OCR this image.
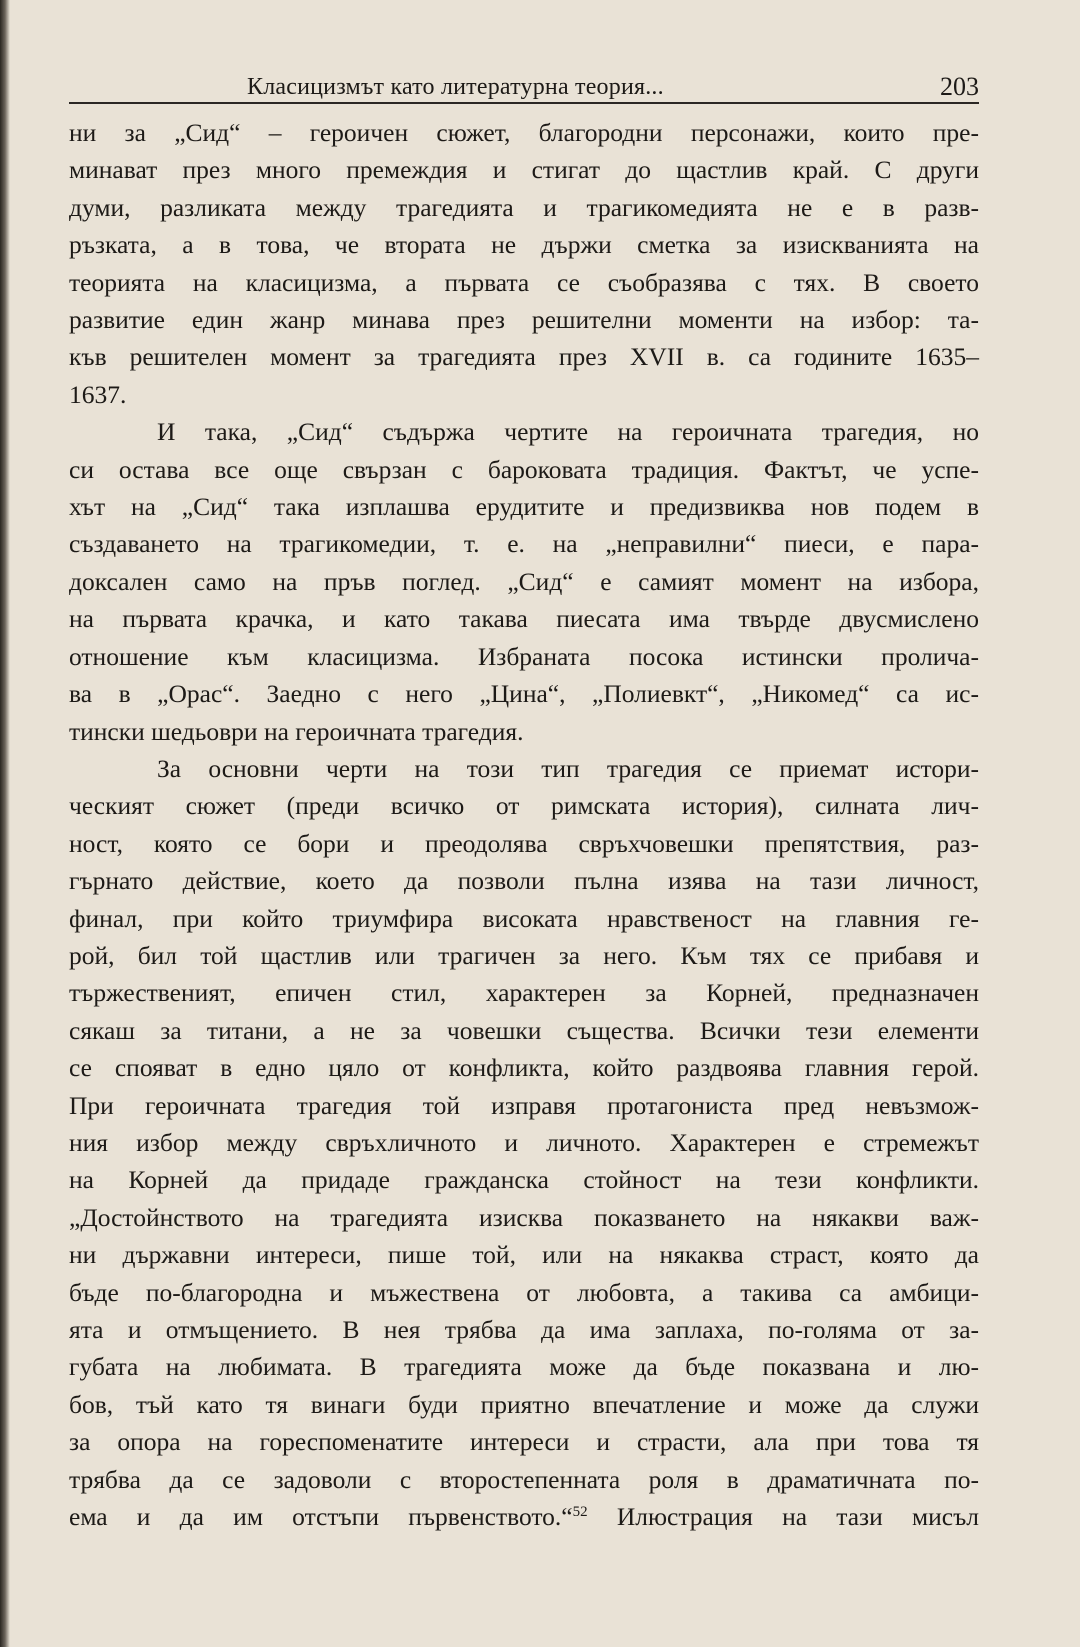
Класицизмът като литературна теория...	203

ни за „Сид“ – героичен сюжет, благородни персонажи, които пре-
минават през много премеждия и стигат до щастлив край. С други
думи, разликата между трагедията и трагикомедията не е в разв-
ръзката, а в това, че втората не държи сметка за изискванията на
теорията на класицизма, а първата се съобразява с тях. В своето
развитие един жанр минава през решителни моменти на избор: та-
къв решителен момент за трагедията през XVII в. са годините 1635–
1637.

И така, „Сид“ съдържа чертите на героичната трагедия, но
си остава все още свързан с бароковата традиция. Фактът, че успе-
хът на „Сид“ така изплашва ерудитите и предизвиква нов подем в
създаването на трагикомедии, т. е. на „неправилни“ пиеси, е пара-
доксален само на пръв поглед. „Сид“ е самият момент на избора,
на първата крачка, и като такава пиесата има твърде двусмислено
отношение към класицизма. Избраната посока истински пролича-
ва в „Орас“. Заедно с него „Цина“, „Полиевкт“, „Никомед“ са ис-
тински шедьоври на героичната трагедия.

За основни черти на този тип трагедия се приемат истори-
ческият сюжет (преди всичко от римската история), силната лич-
ност, която се бори и преодолява свръхчовешки препятствия, раз-
гърнато действие, което да позволи пълна изява на тази личност,
финал, при който триумфира високата нравственост на главния ге-
рой, бил той щастлив или трагичен за него. Към тях се прибавя и
тържественият, епичен стил, характерен за Корней, предназначен
сякаш за титани, а не за човешки същества. Всички тези елементи
се спояват в едно цяло от конфликта, който раздвоява главния герой.
При героичната трагедия той изправя протагониста пред невъзмож-
ния избор между свръхличното и личното. Характерен е стремежът
на Корней да придаде гражданска стойност на тези конфликти.
„Достойнството на трагедията изисква показването на някакви важ-
ни държавни интереси, пише той, или на някаква страст, която да
бъде по-благородна и мъжествена от любовта, а такива са амбици-
ята и отмъщението. В нея трябва да има заплаха, по-голяма от за-
губата на любимата. В трагедията може да бъде показвана и лю-
бов, тъй като тя винаги буди приятно впечатление и може да служи
за опора на гореспоменатите интереси и страсти, ала при това тя
трябва да се задоволи с второстепенната роля в драматичната по-
ема и да им отстъпи първенството.“$^{52}$ Илюстрация на тази мисъл
